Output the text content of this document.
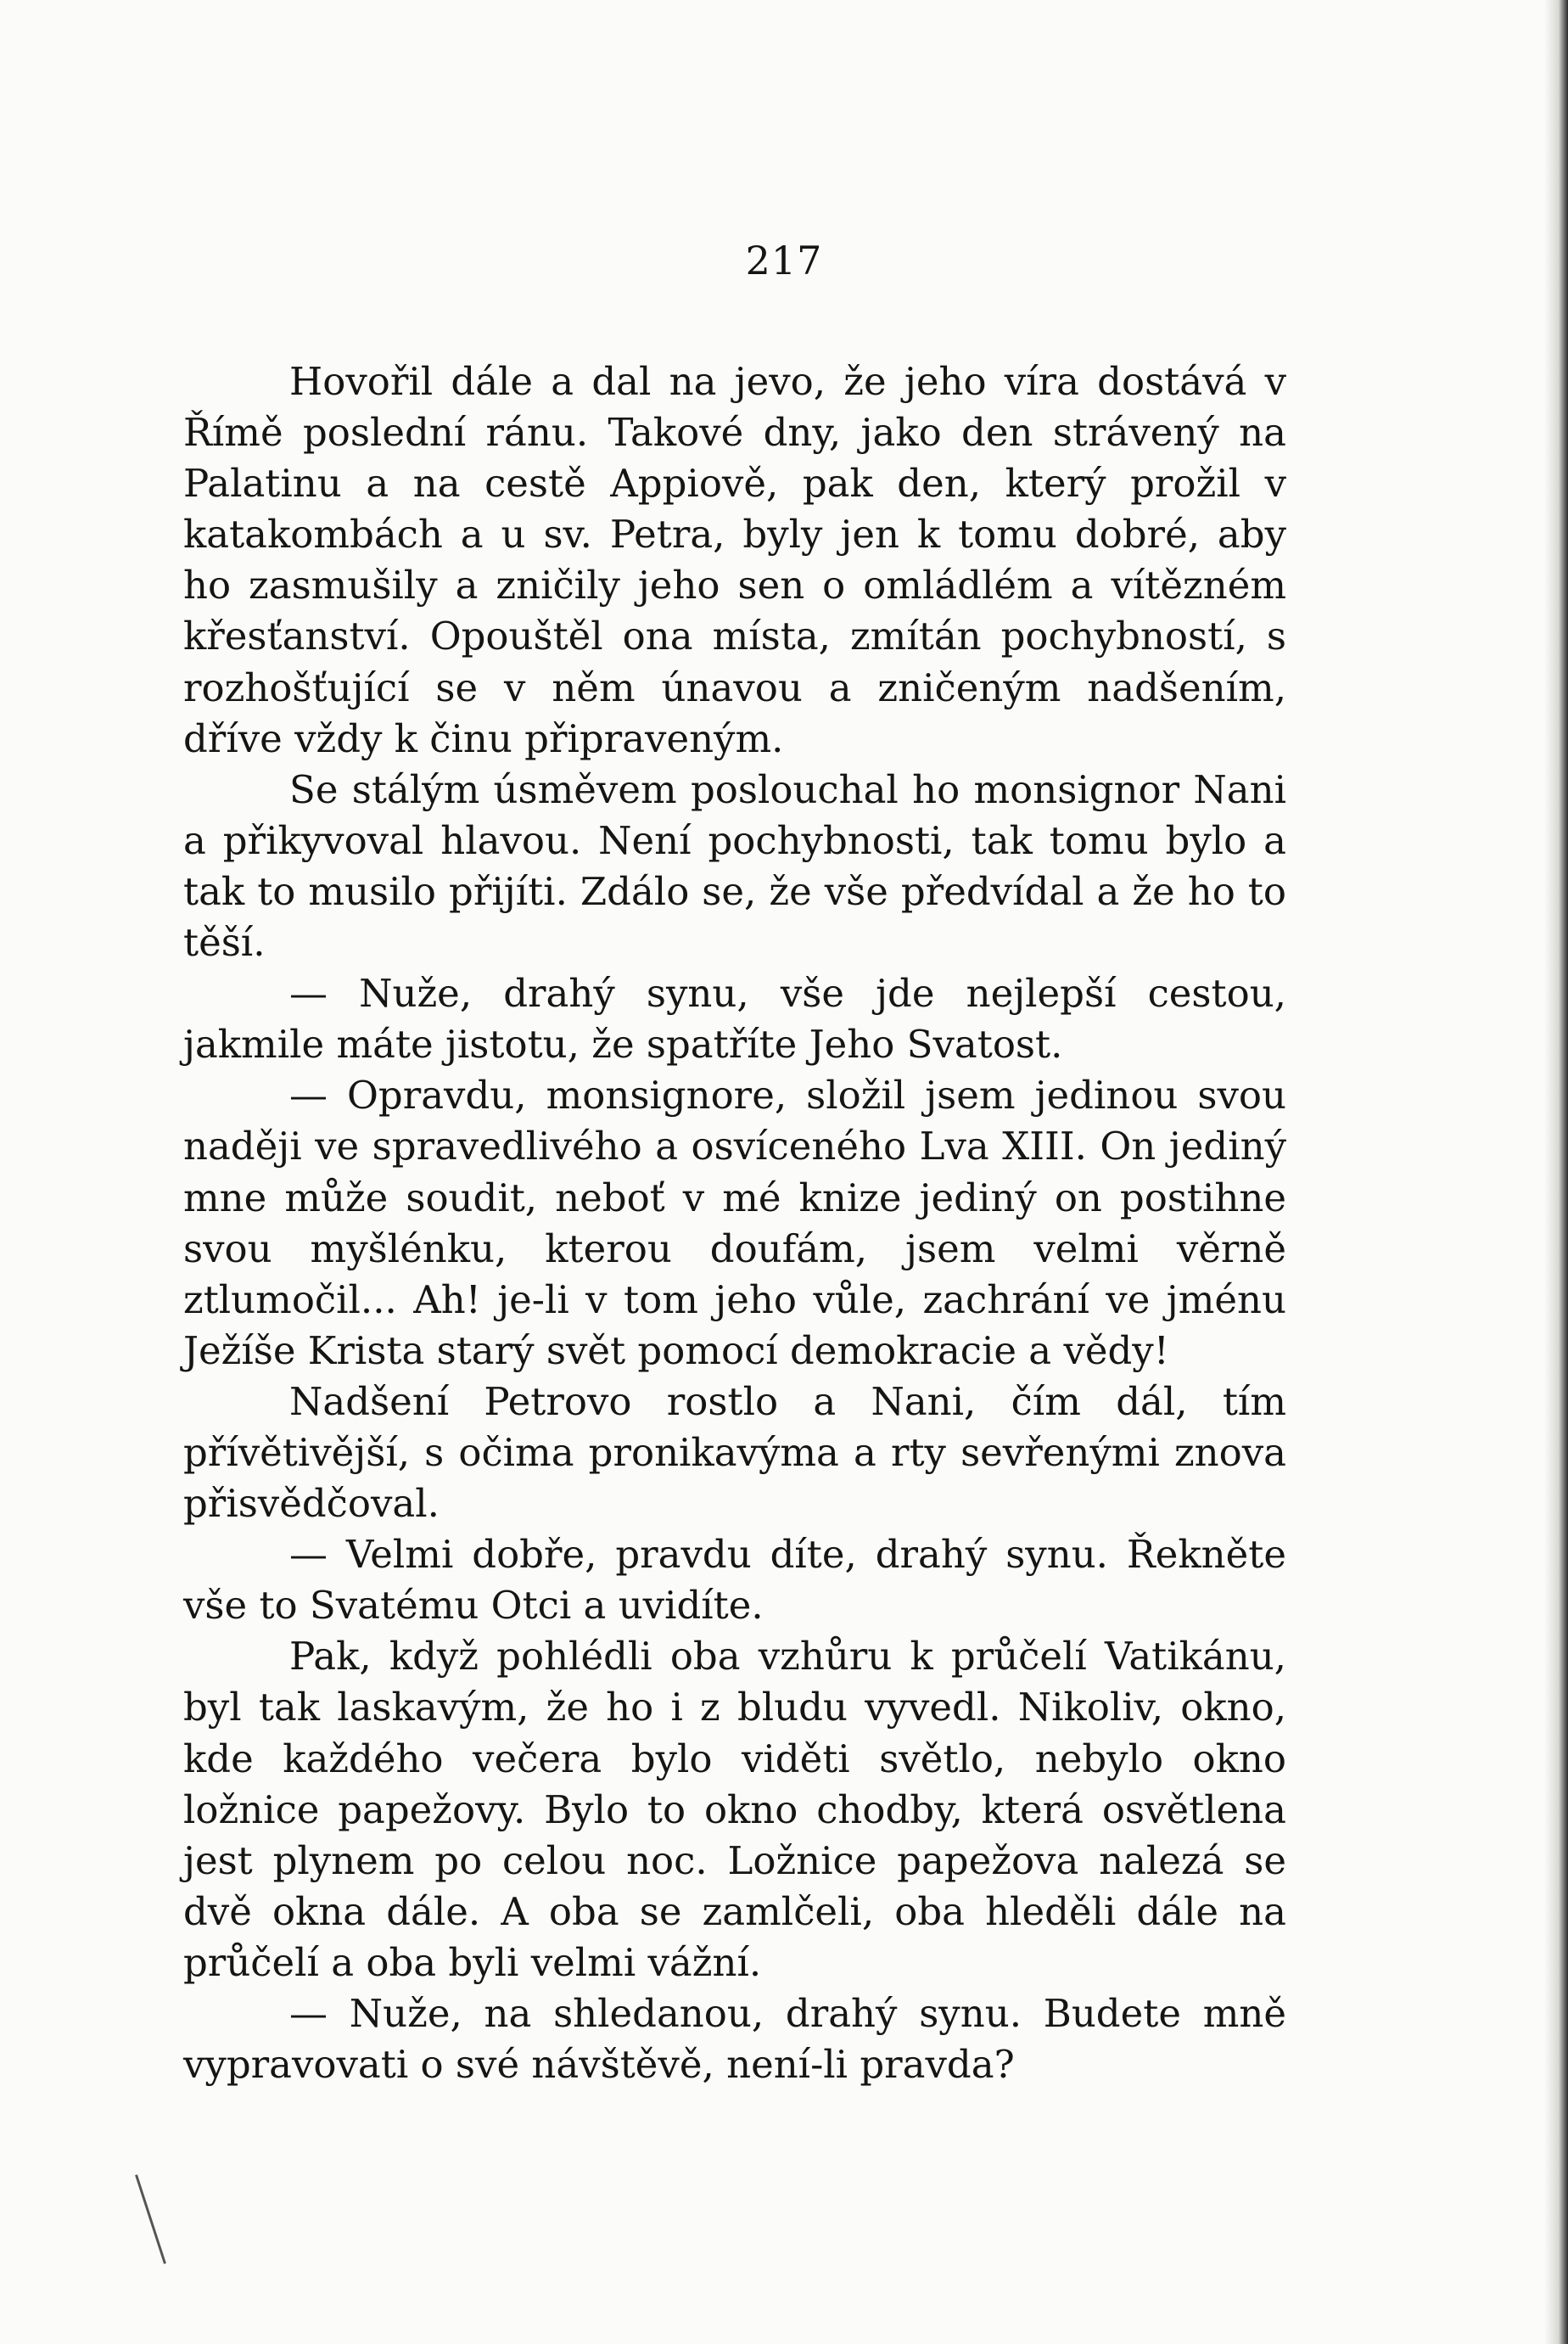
217

Hovořil dále a dal na jevo, že jeho víra dostává v Římě poslední ránu. Takové dny, jako den strávený na Palatinu a na cestě Appiově, pak den, který prožil v katakombách a u sv. Petra, byly jen k tomu dobré, aby ho zasmušily a zničily jeho sen o omládlém a vítězném křesťanství. Opouštěl ona místa, zmítán pochybností, s rozhošťující se v něm únavou a zničeným nadšením, dříve vždy k činu připraveným.

Se stálým úsměvem poslouchal ho monsignor Nani a přikyvoval hlavou. Není pochybnosti, tak tomu bylo a tak to musilo přijíti. Zdálo se, že vše předvídal a že ho to těší.

— Nuže, drahý synu, vše jde nejlepší cestou, jakmile máte jistotu, že spatříte Jeho Svatost.

— Opravdu, monsignore, složil jsem jedinou svou naději ve spravedlivého a osvíceného Lva XIII. On jediný mne může soudit, neboť v mé knize jediný on postihne svou myšlénku, kterou doufám, jsem velmi věrně ztlumočil... Ah! je-li v tom jeho vůle, zachrání ve jménu Ježíše Krista starý svět pomocí demokracie a vědy!

Nadšení Petrovo rostlo a Nani, čím dál, tím přívětivější, s očima pronikavýma a rty sevřenými znova přisvědčoval.

— Velmi dobře, pravdu díte, drahý synu. Řekněte vše to Svatému Otci a uvidíte.

Pak, když pohlédli oba vzhůru k průčelí Vatikánu, byl tak laskavým, že ho i z bludu vyvedl. Nikoliv, okno, kde každého večera bylo viděti světlo, nebylo okno ložnice papežovy. Bylo to okno chodby, která osvětlena jest plynem po celou noc. Ložnice papežova nalezá se dvě okna dále. A oba se zamlčeli, oba hleděli dále na průčelí a oba byli velmi vážní.

— Nuže, na shledanou, drahý synu. Budete mně vypravovati o své návštěvě, není-li pravda?
